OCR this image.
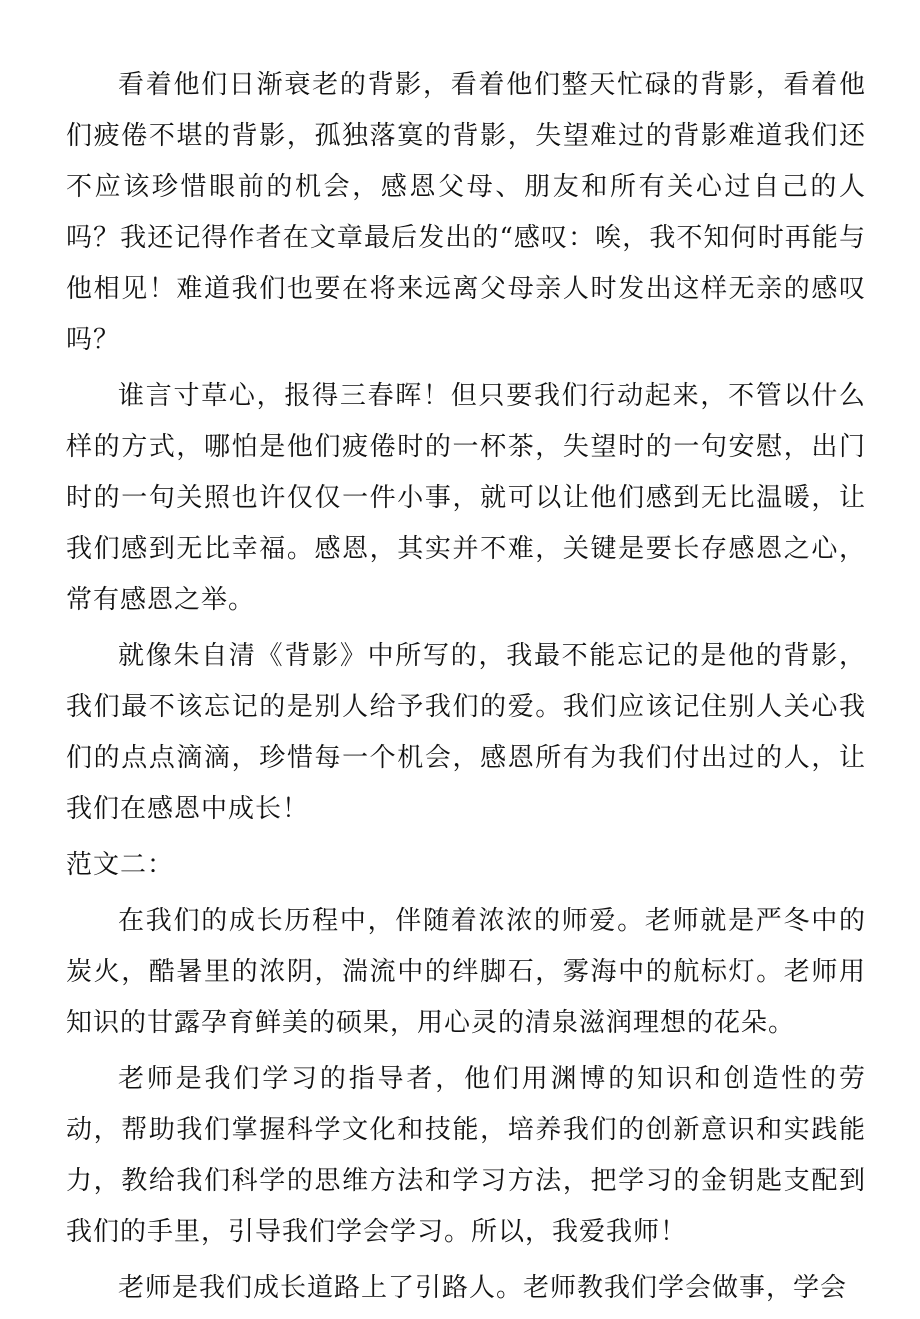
看着他们日渐衰老的背影，看着他们整天忙碌的背影，看着他们疲倦不堪的背影，孤独落寞的背影，失望难过的背影难道我们还不应该珍惜眼前的机会，感恩父母、朋友和所有关心过自己的人吗？我还记得作者在文章最后发出的“感叹：唉，我不知何时再能与他相见！难道我们也要在将来远离父母亲人时发出这样无亲的感叹吗？

谁言寸草心，报得三春晖！但只要我们行动起来，不管以什么样的方式，哪怕是他们疲倦时的一杯茶，失望时的一句安慰，出门时的一句关照也许仅仅一件小事，就可以让他们感到无比温暖，让我们感到无比幸福。感恩，其实并不难，关键是要长存感恩之心，常有感恩之举。

就像朱自清《背影》中所写的，我最不能忘记的是他的背影，我们最不该忘记的是别人给予我们的爱。我们应该记住别人关心我们的点点滴滴，珍惜每一个机会，感恩所有为我们付出过的人，让我们在感恩中成长！

范文二：

在我们的成长历程中，伴随着浓浓的师爱。老师就是严冬中的炭火，酷暑里的浓阴，湍流中的绊脚石，雾海中的航标灯。老师用知识的甘露孕育鲜美的硕果，用心灵的清泉滋润理想的花朵。

老师是我们学习的指导者，他们用渊博的知识和创造性的劳动，帮助我们掌握科学文化和技能，培养我们的创新意识和实践能力，教给我们科学的思维方法和学习方法，把学习的金钥匙支配到我们的手里，引导我们学会学习。所以，我爱我师！

老师是我们成长道路上了引路人。老师教我们学会做事，学会
